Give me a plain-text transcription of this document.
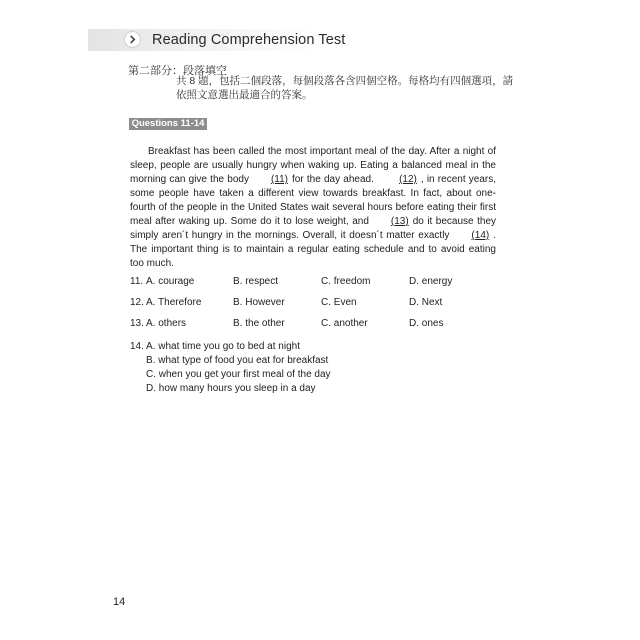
Reading Comprehension Test
第二部分：段落填空
共 8 題，包括二個段落，每個段落各含四個空格。每格均有四個選項，請依照文意選出最適合的答案。
Questions 11-14

Breakfast has been called the most important meal of the day. After a night of sleep, people are usually hungry when waking up. Eating a balanced meal in the morning can give the body (11) for the day ahead.	(12) , in recent years, some people have taken a different view towards breakfast. In fact, about one-fourth of the people in the United States wait several hours before eating their first meal after waking up. Some do it to lose weight, and (13) do it because they simply aren´t hungry in the mornings. Overall, it doesn´t matter exactly (14) . The important thing is to maintain a regular eating schedule and to avoid eating too much.

11. A. courage	B. respect	C. freedom	D. energy
12. A. Therefore	B. However	C. Even	D. Next
13. A. others	B. the other	C. another	D. ones
14. A. what time you go to bed at night
B. what type of food you eat for breakfast
C. when you get your first meal of the day
D. how many hours you sleep in a day
14
